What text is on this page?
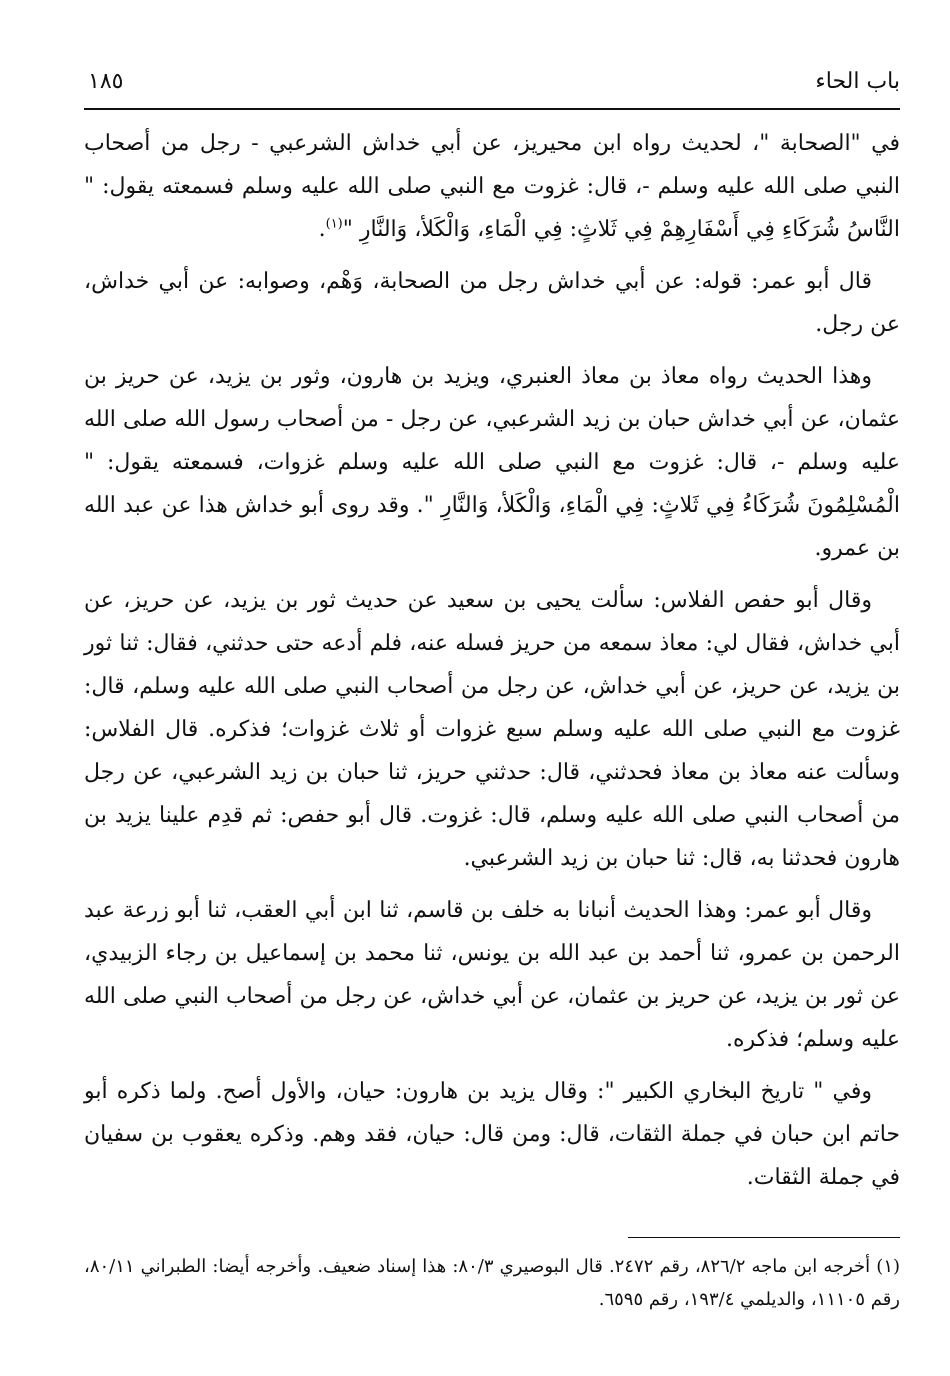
باب الحاء
١٨٥

في "الصحابة "، لحديث رواه ابن محيريز، عن أبي خداش الشرعبي - رجل من أصحاب النبي صلى الله عليه وسلم -، قال: غزوت مع النبي صلى الله عليه وسلم فسمعته يقول: " النَّاسُ شُرَكَاءِ فِي أَسْفَارِهِمْ فِي ثَلاثٍ: فِي الْمَاءِ، وَالْكَلأ، وَالنَّارِ "$^{(١)}$.

قال أبو عمر: قوله: عن أبي خداش رجل من الصحابة، وَهْم، وصوابه: عن أبي خداش، عن رجل.

وهذا الحديث رواه معاذ بن معاذ العنبري، ويزيد بن هارون، وثور بن يزيد، عن حريز بن عثمان، عن أبي خداش حبان بن زيد الشرعبي، عن رجل - من أصحاب رسول الله صلى الله عليه وسلم -، قال: غزوت مع النبي صلى الله عليه وسلم غزوات، فسمعته يقول: " الْمُسْلِمُونَ شُرَكَاءُ فِي ثَلاثٍ: فِي الْمَاءِ، وَالْكَلأ، وَالنَّارِ ". وقد روى أبو خداش هذا عن عبد الله بن عمرو.

وقال أبو حفص الفلاس: سألت يحيى بن سعيد عن حديث ثور بن يزيد، عن حريز، عن أبي خداش، فقال لي: معاذ سمعه من حريز فسله عنه، فلم أدعه حتى حدثني، فقال: ثنا ثور بن يزيد، عن حريز، عن أبي خداش، عن رجل من أصحاب النبي صلى الله عليه وسلم، قال: غزوت مع النبي صلى الله عليه وسلم سبع غزوات أو ثلاث غزوات؛ فذكره. قال الفلاس: وسألت عنه معاذ بن معاذ فحدثني، قال: حدثني حريز، ثنا حبان بن زيد الشرعبي، عن رجل من أصحاب النبي صلى الله عليه وسلم، قال: غزوت. قال أبو حفص: ثم قدِم علينا يزيد بن هارون فحدثنا به، قال: ثنا حبان بن زيد الشرعبي.

وقال أبو عمر: وهذا الحديث أنبانا به خلف بن قاسم، ثنا ابن أبي العقب، ثنا أبو زرعة عبد الرحمن بن عمرو، ثنا أحمد بن عبد الله بن يونس، ثنا محمد بن إسماعيل بن رجاء الزبيدي، عن ثور بن يزيد، عن حريز بن عثمان، عن أبي خداش، عن رجل من أصحاب النبي صلى الله عليه وسلم؛ فذكره.

وفي " تاريخ البخاري الكبير ": وقال يزيد بن هارون: حيان، والأول أصح. ولما ذكره أبو حاتم ابن حبان في جملة الثقات، قال: ومن قال: حيان، فقد وهم. وذكره يعقوب بن سفيان في جملة الثقات.

(١) أخرجه ابن ماجه ٨٢٦/٢، رقم ٢٤٧٢. قال البوصيري ٨٠/٣: هذا إسناد ضعيف. وأخرجه أيضا: الطبراني ٨٠/١١، رقم ١١١٠٥، والديلمي ١٩٣/٤، رقم ٦٥٩٥.
